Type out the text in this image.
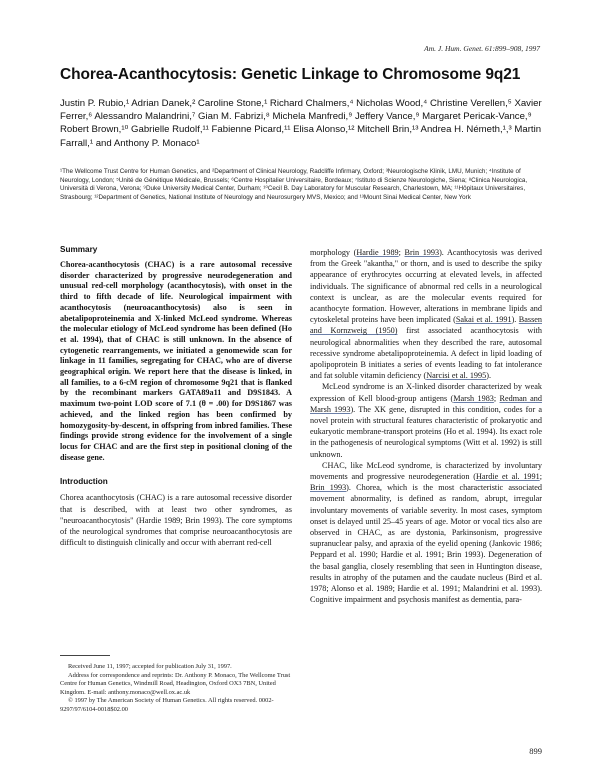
Am. J. Hum. Genet. 61:899–908, 1997
Chorea-Acanthocytosis: Genetic Linkage to Chromosome 9q21
Justin P. Rubio,¹ Adrian Danek,² Caroline Stone,¹ Richard Chalmers,⁴ Nicholas Wood,⁴ Christine Verellen,⁵ Xavier Ferrer,⁶ Alessandro Malandrini,⁷ Gian M. Fabrizi,⁸ Michela Manfredi,⁹ Jeffery Vance,⁹ Margaret Pericak-Vance,⁹ Robert Brown,¹⁰ Gabrielle Rudolf,¹¹ Fabienne Picard,¹¹ Elisa Alonso,¹² Mitchell Brin,¹³ Andrea H. Németh,¹,³ Martin Farrall,¹ and Anthony P. Monaco¹
¹The Wellcome Trust Centre for Human Genetics, and ²Department of Clinical Neurology, Radcliffe Infirmary, Oxford; ³Neurologische Klinik, LMU, Munich; ⁴Institute of Neurology, London; ⁵Unité de Génétique Médicale, Brussels; ⁶Centre Hospitalier Universitaire, Bordeaux; ⁷Istituto di Scienze Neurologiche, Siena; ⁸Clinica Neurologica, Università di Verona, Verona; ⁹Duke University Medical Center, Durham; ¹⁰Cecil B. Day Laboratory for Muscular Research, Charlestown, MA; ¹¹Hôpitaux Universitaires, Strasbourg; ¹²Department of Genetics, National Institute of Neurology and Neurosurgery MVS, Mexico; and ¹³Mount Sinai Medical Center, New York
Summary

Chorea-acanthocytosis (CHAC) is a rare autosomal recessive disorder characterized by progressive neurodegeneration and unusual red-cell morphology (acanthocytosis), with onset in the third to fifth decade of life. Neurological impairment with acanthocytosis (neuroacanthocytosis) also is seen in abetalipoproteinemia and X-linked McLeod syndrome. Whereas the molecular etiology of McLeod syndrome has been defined (Ho et al. 1994), that of CHAC is still unknown. In the absence of cytogenetic rearrangements, we initiated a genomewide scan for linkage in 11 families, segregating for CHAC, who are of diverse geographical origin. We report here that the disease is linked, in all families, to a 6-cM region of chromosome 9q21 that is flanked by the recombinant markers GATA89a11 and D9S1843. A maximum two-point LOD score of 7.1 (θ = .00) for D9S1867 was achieved, and the linked region has been confirmed by homozygosity-by-descent, in offspring from inbred families. These findings provide strong evidence for the involvement of a single locus for CHAC and are the first step in positional cloning of the disease gene.

Introduction

Chorea acanthocytosis (CHAC) is a rare autosomal recessive disorder that is described, with at least two other syndromes, as "neuroacanthocytosis" (Hardie 1989; Brin 1993). The core symptoms of the neurological syndromes that comprise neuroacanthocytosis are difficult to distinguish clinically and occur with aberrant red-cell

Received June 11, 1997; accepted for publication July 31, 1997.

Address for correspondence and reprints: Dr. Anthony P. Monaco, The Wellcome Trust Centre for Human Genetics, Windmill Road, Headington, Oxford OX3 7BN, United Kingdom. E-mail: anthony.monaco@well.ox.ac.uk

© 1997 by The American Society of Human Genetics. All rights reserved. 0002-9297/97/6104-0018$02.00

morphology (Hardie 1989; Brin 1993). Acanthocytosis was derived from the Greek "akantha," or thorn, and is used to describe the spiky appearance of erythrocytes occurring at elevated levels, in affected individuals. The significance of abnormal red cells in a neurological context is unclear, as are the molecular events required for acanthocyte formation. However, alterations in membrane lipids and cytoskeletal proteins have been implicated (Sakai et al. 1991). Bassen and Kornzweig (1950) first associated acanthocytosis with neurological abnormalities when they described the rare, autosomal recessive syndrome abetalipoproteinemia. A defect in lipid loading of apolipoprotein B initiates a series of events leading to fat intolerance and fat soluble vitamin deficiency (Narcisi et al. 1995).

McLeod syndrome is an X-linked disorder characterized by weak expression of Kell blood-group antigens (Marsh 1983; Redman and Marsh 1993). The XK gene, disrupted in this condition, codes for a novel protein with structural features characteristic of prokaryotic and eukaryotic membrane-transport proteins (Ho et al. 1994). Its exact role in the pathogenesis of neurological symptoms (Witt et al. 1992) is still unknown.

CHAC, like McLeod syndrome, is characterized by involuntary movements and progressive neurodegeneration (Hardie et al. 1991; Brin 1993). Chorea, which is the most characteristic associated movement abnormality, is defined as random, abrupt, irregular involuntary movements of variable severity. In most cases, symptom onset is delayed until 25–45 years of age. Motor or vocal tics also are observed in CHAC, as are dystonia, Parkinsonism, progressive supranuclear palsy, and apraxia of the eyelid opening (Jankovic 1986; Peppard et al. 1990; Hardie et al. 1991; Brin 1993). Degeneration of the basal ganglia, closely resembling that seen in Huntington disease, results in atrophy of the putamen and the caudate nucleus (Bird et al. 1978; Alonso et al. 1989; Hardie et al. 1991; Malandrini et al. 1993). Cognitive impairment and psychosis manifest as dementia, para-

899
